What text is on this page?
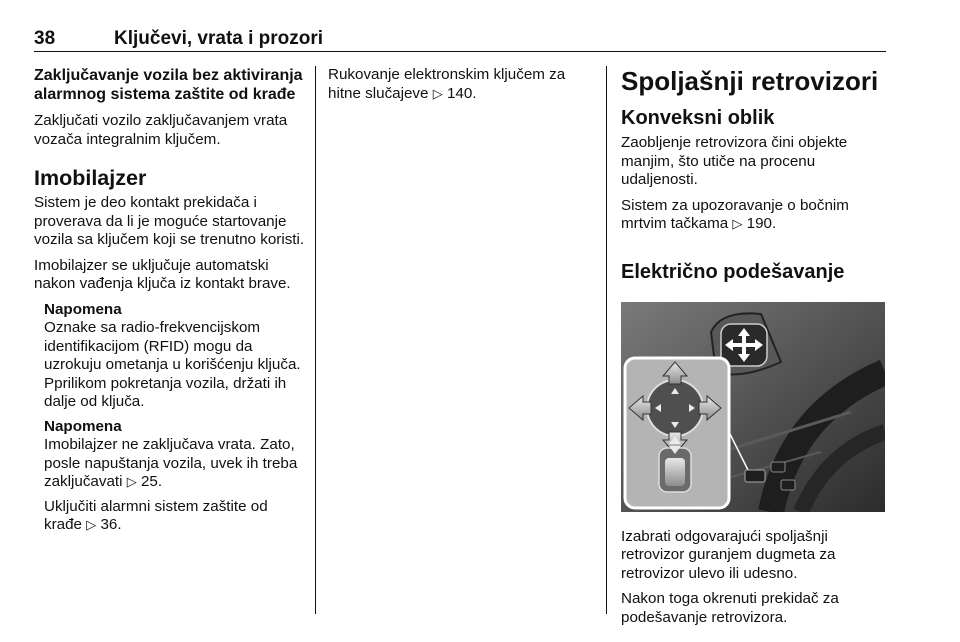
38	Ključevi, vrata i prozori
Zaključavanje vozila bez aktiviranja alarmnog sistema zaštite od krađe

Zaključati vozilo zaključavanjem vrata vozača integralnim ključem.

Imobilajzer

Sistem je deo kontakt prekidača i proverava da li je moguće startovanje vozila sa ključem koji se trenutno koristi.

Imobilajzer se uključuje automatski nakon vađenja ključa iz kontakt brave.

Napomena

Oznake sa radio-frekvencijskom identifikacijom (RFID) mogu da uzrokuju ometanja u korišćenju ključa. Pprilikom pokretanja vozila, držati ih dalje od ključa.

Napomena

Imobilajzer ne zaključava vrata. Zato, posle napuštanja vozila, uvek ih treba zaključavati ▷ 25.

Uključiti alarmni sistem zaštite od krađe ▷ 36.

Rukovanje elektronskim ključem za hitne slučajeve ▷ 140.	Spoljašnji retrovizori
Konveksni oblik

Zaobljenje retrovizora čini objekte manjim, što utiče na procenu udaljenosti.

Sistem za upozoravanje o bočnim mrtvim tačkama ▷ 190.

Električno podešavanje

Izabrati odgovarajući spoljašnji retrovizor guranjem dugmeta za retrovizor ulevo ili udesno.

Nakon toga okrenuti prekidač za podešavanje retrovizora.
